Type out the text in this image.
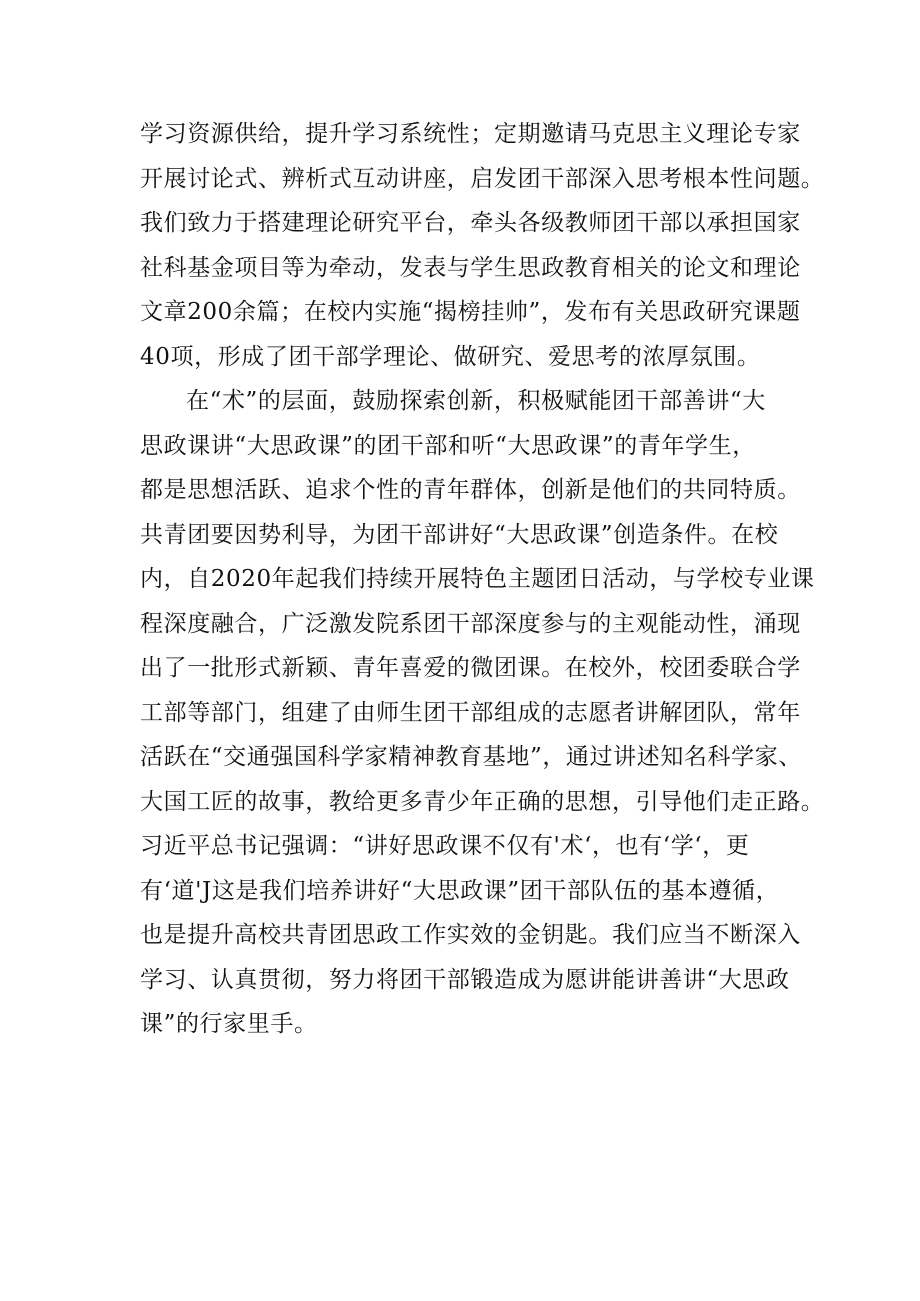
学习资源供给，提升学习系统性；定期邀请马克思主义理论专家
开展讨论式、辨析式互动讲座，启发团干部深入思考根本性问题。
我们致力于搭建理论研究平台，牵头各级教师团干部以承担国家
社科基金项目等为牵动，发表与学生思政教育相关的论文和理论
文章200余篇；在校内实施“揭榜挂帅”，发布有关思政研究课题
40项，形成了团干部学理论、做研究、爱思考的浓厚氛围。
在“术”的层面，鼓励探索创新，积极赋能团干部善讲“大
思政课讲“大思政课”的团干部和听“大思政课”的青年学生，
都是思想活跃、追求个性的青年群体，创新是他们的共同特质。
共青团要因势利导，为团干部讲好“大思政课”创造条件。在校
内，自2020年起我们持续开展特色主题团日活动，与学校专业课
程深度融合，广泛激发院系团干部深度参与的主观能动性，涌现
出了一批形式新颖、青年喜爱的微团课。在校外，校团委联合学
工部等部门，组建了由师生团干部组成的志愿者讲解团队，常年
活跃在“交通强国科学家精神教育基地”，通过讲述知名科学家、
大国工匠的故事，教给更多青少年正确的思想，引导他们走正路。
习近平总书记强调：“讲好思政课不仅有'术‘，也有‘学‘，更
有‘道'J这是我们培养讲好“大思政课”团干部队伍的基本遵循，
也是提升高校共青团思政工作实效的金钥匙。我们应当不断深入
学习、认真贯彻，努力将团干部锻造成为愿讲能讲善讲“大思政
课”的行家里手。
